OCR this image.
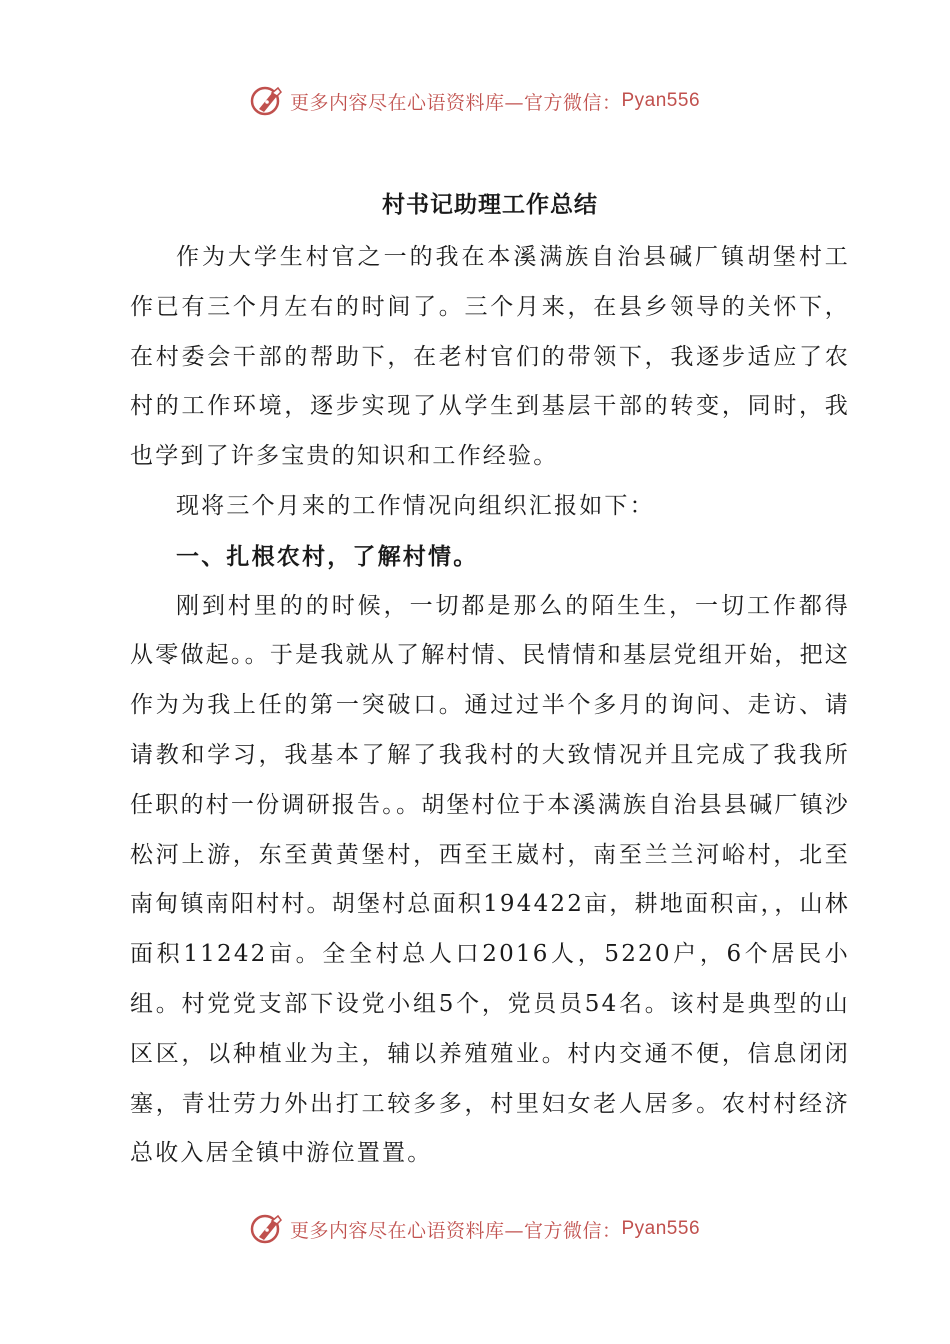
更多内容尽在心语资料库—官方微信： Pyan556
村书记助理工作总结

作为大学生村官之一的我在本溪满族自治县碱厂镇胡堡村工作已有三个月左右的时间了。三个月来，在县乡领导的关怀下，在村委会干部的帮助下，在老村官们的带领下，我逐步适应了农村的工作环境，逐步实现了从学生到基层干部的转变，同时，我也学到了许多宝贵的知识和工作经验。

现将三个月来的工作情况向组织汇报如下：

一、扎根农村，了解村情。

刚到村里的的时候，一切都是那么的陌生生，一切工作都得从零做起。。于是我就从了解村情、民情情和基层党组开始，把这作为为我上任的第一突破口。通过过半个多月的询问、走访、请请教和学习，我基本了解了我我村的大致情况并且完成了我我所任职的村一份调研报告。。胡堡村位于本溪满族自治县县碱厂镇沙松河上游，东至黄黄堡村，西至王崴村，南至兰兰河峪村，北至南甸镇南阳村村。胡堡村总面积194422亩，耕地面积亩，，山林面积11242亩。全全村总人口2016人，5220户，6个居民小组。村党党支部下设党小组5个，党员员54名。该村是典型的山区区，以种植业为主，辅以养殖殖业。村内交通不便，信息闭闭塞，青壮劳力外出打工较多多，村里妇女老人居多。农村村经济总收入居全镇中游位置置。

更多内容尽在心语资料库—官方微信： Pyan556
